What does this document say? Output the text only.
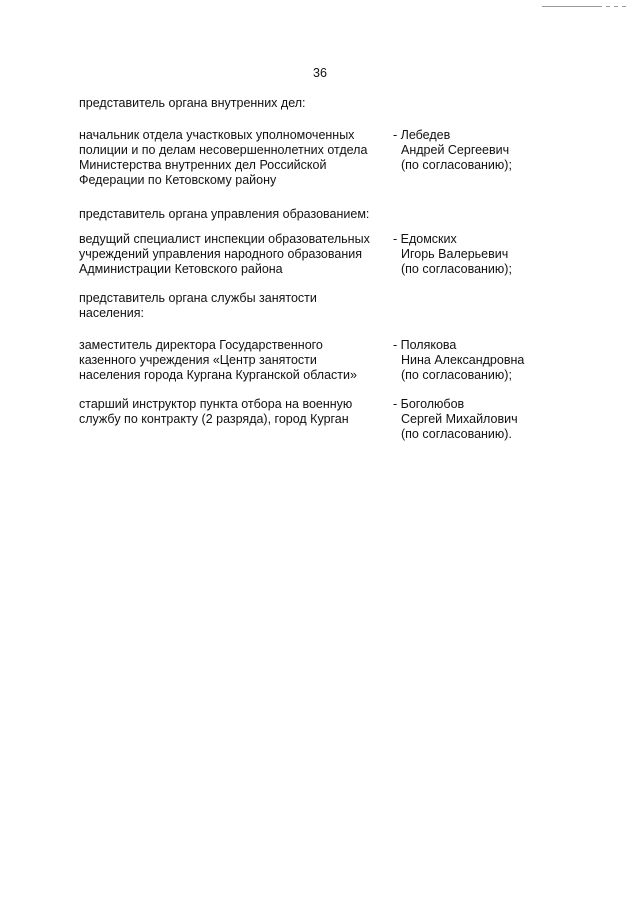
36

представитель органа внутренних дел:

начальник отдела участковых уполномоченных
полиции и по делам несовершеннолетних отдела
Министерства внутренних дел Российской
Федерации по Кетовскому району
- Лебедев
Андрей Сергеевич
(по согласованию);

представитель органа управления образованием:

ведущий специалист инспекции образовательных
учреждений управления народного образования
Администрации Кетовского района
- Едомских
Игорь Валерьевич
(по согласованию);

представитель органа службы занятости
населения:

заместитель директора Государственного
казенного учреждения «Центр занятости
населения города Кургана Курганской области»
- Полякова
Нина Александровна
(по согласованию);
старший инструктор пункта отбора на военную
службу по контракту (2 разряда), город Курган
- Боголюбов
Сергей Михайлович
(по согласованию).
